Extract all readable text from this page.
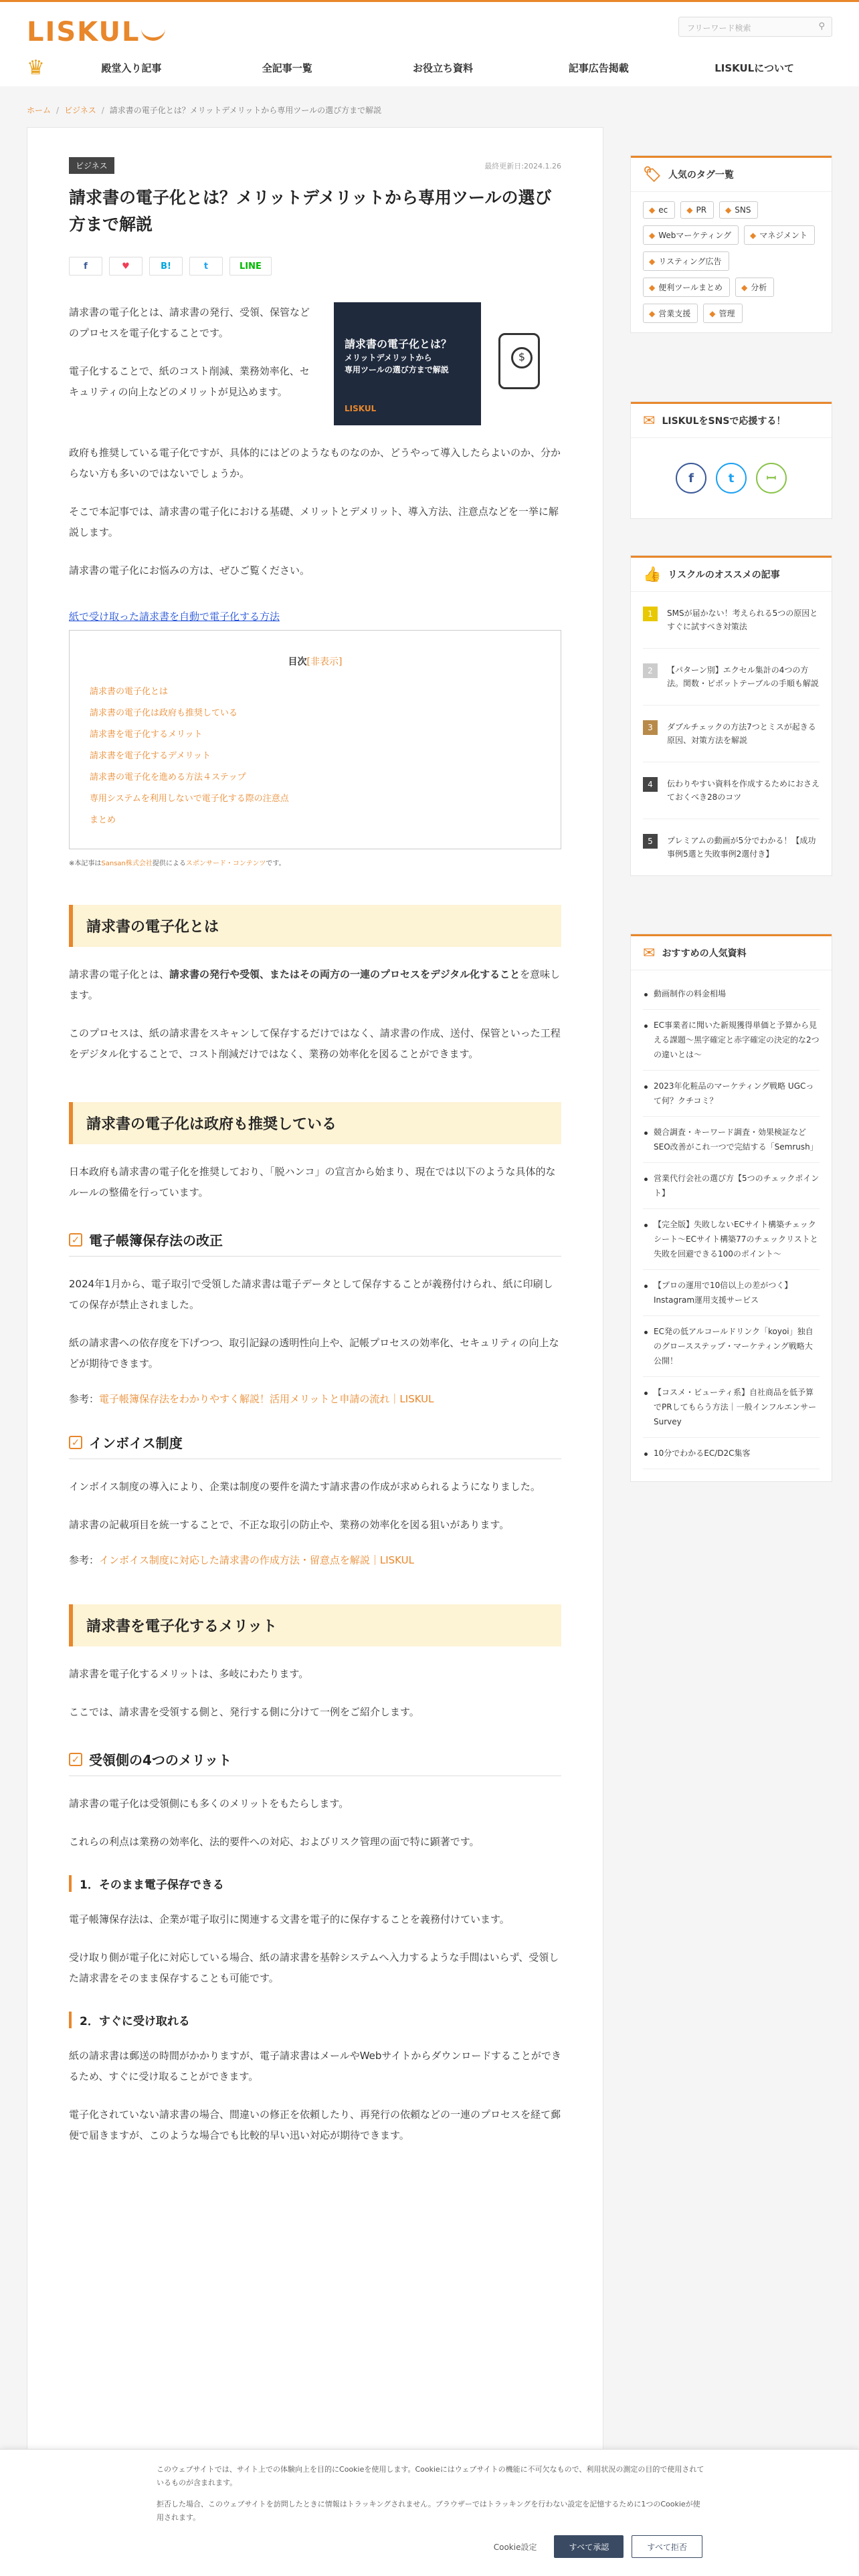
LISKUL	フリーワード検索	⚲
♛	殿堂入り記事	全記事一覧	お役立ち資料	記事広告掲載	LISKULについて
ホーム / ビジネス / 請求書の電子化とは？メリットデメリットから専用ツールの選び方まで解説
ビジネス	最終更新日:2024.1.26
請求書の電子化とは？メリットデメリットから専用ツールの選び方まで解説
f	♥	B!	t	LINE

請求書の電子化とは、請求書の発行、受領、保管などのプロセスを電子化することです。

電子化することで、紙のコスト削減、業務効率化、セキュリティの向上などのメリットが見込めます。

請求書の電子化とは？
メリットデメリットから
専用ツールの選び方まで解説
LISKUL
$

政府も推奨している電子化ですが、具体的にはどのようなものなのか、どうやって導入したらよいのか、分からない方も多いのではないでしょうか。

そこで本記事では、請求書の電子化における基礎、メリットとデメリット、導入方法、注意点などを一挙に解説します。

請求書の電子化にお悩みの方は、ぜひご覧ください。

紙で受け取った請求書を自動で電子化する方法
目次[非表示]
請求書の電子化とは
請求書の電子化は政府も推奨している
請求書を電子化するメリット
請求書を電子化するデメリット
請求書の電子化を進める方法４ステップ
専用システムを利用しないで電子化する際の注意点
まとめ

※本記事はSansan株式会社提供によるスポンサード・コンテンツです。

請求書の電子化とは

請求書の電子化とは、請求書の発行や受領、またはその両方の一連のプロセスをデジタル化することを意味します。

このプロセスは、紙の請求書をスキャンして保存するだけではなく、請求書の作成、送付、保管といった工程をデジタル化することで、コスト削減だけではなく、業務の効率化を図ることができます。

請求書の電子化は政府も推奨している

日本政府も請求書の電子化を推奨しており、「脱ハンコ」の宣言から始まり、現在では以下のような具体的なルールの整備を行っています。

✓ 電子帳簿保存法の改正

2024年1月から、電子取引で受領した請求書は電子データとして保存することが義務付けられ、紙に印刷しての保存が禁止されました。

紙の請求書への依存度を下げつつ、取引記録の透明性向上や、記帳プロセスの効率化、セキュリティの向上などが期待できます。

参考：電子帳簿保存法をわかりやすく解説！活用メリットと申請の流れ｜LISKUL

✓ インボイス制度

インボイス制度の導入により、企業は制度の要件を満たす請求書の作成が求められるようになりました。

請求書の記載項目を統一することで、不正な取引の防止や、業務の効率化を図る狙いがあります。

参考：インボイス制度に対応した請求書の作成方法・留意点を解説｜LISKUL

請求書を電子化するメリット

請求書を電子化するメリットは、多岐にわたります。

ここでは、請求書を受領する側と、発行する側に分けて一例をご紹介します。

✓ 受領側の4つのメリット

請求書の電子化は受領側にも多くのメリットをもたらします。

これらの利点は業務の効率化、法的要件への対応、およびリスク管理の面で特に顕著です。

1．そのまま電子保存できる

電子帳簿保存法は、企業が電子取引に関連する文書を電子的に保存することを義務付けています。

受け取り側が電子化に対応している場合、紙の請求書を基幹システムへ入力するような手間はいらず、受領した請求書をそのまま保存することも可能です。

2．すぐに受け取れる

紙の請求書は郵送の時間がかかりますが、電子請求書はメールやWebサイトからダウンロードすることができるため、すぐに受け取ることができます。

電子化されていない請求書の場合、間違いの修正を依頼したり、再発行の依頼などの一連のプロセスを経て郵便で届きますが、このような場合でも比較的早い迅い対応が期待できます。

🏷 人気のタグ一覧
◆ ec	◆ PR	◆ SNS
◆ Webマーケティング	◆ マネジメント
◆ リスティング広告
◆ 便利ツールまとめ	◆ 分析
◆ 営業支援	◆ 管理
✉ LISKULをSNSで応援する！
f	t	ꟷ
👍 リスクルのオススメの記事
1	SMSが届かない！考えられる5つの原因とすぐに試すべき対策法
2	【パターン別】エクセル集計の4つの方法。関数・ピボットテーブルの手順も解説
3	ダブルチェックの方法7つとミスが起きる原因、対策方法を解説
4	伝わりやすい資料を作成するためにおさえておくべき28のコツ
5	プレミアムの動画が5分でわかる！【成功事例5選と失敗事例2選付き】
✉ おすすめの人気資料
動画制作の料金相場
EC事業者に聞いた新規獲得単価と予算から見える課題〜黒字確定と赤字確定の決定的な2つの違いとは〜
2023年化粧品のマーケティング戦略 UGCって何？クチコミ？
競合調査・キーワード調査・効果検証などSEO改善がこれ一つで完結する「Semrush」
営業代行会社の選び方【5つのチェックポイント】
【完全版】失敗しないECサイト構築チェックシート〜ECサイト構築77のチェックリストと失敗を回避できる100のポイント〜
【プロの運用で10倍以上の差がつく】Instagram運用支援サービス
EC発の低アルコールドリンク「koyoi」独自のグロースステップ・マーケティング戦略大公開！
【コスメ・ビューティ系】自社商品を低予算でPRしてもらう方法｜一般インフルエンサーSurvey
10分でわかるEC/D2C集客

このウェブサイトでは、サイト上での体験向上を目的にCookieを使用します。Cookieにはウェブサイトの機能に不可欠なもので、利用状況の測定の目的で使用されているものが含まれます。

拒否した場合、このウェブサイトを訪問したときに情報はトラッキングされません。ブラウザーではトラッキングを行わない設定を記憶するために1つのCookieが使用されます。

Cookie設定	すべて承認	すべて拒否
